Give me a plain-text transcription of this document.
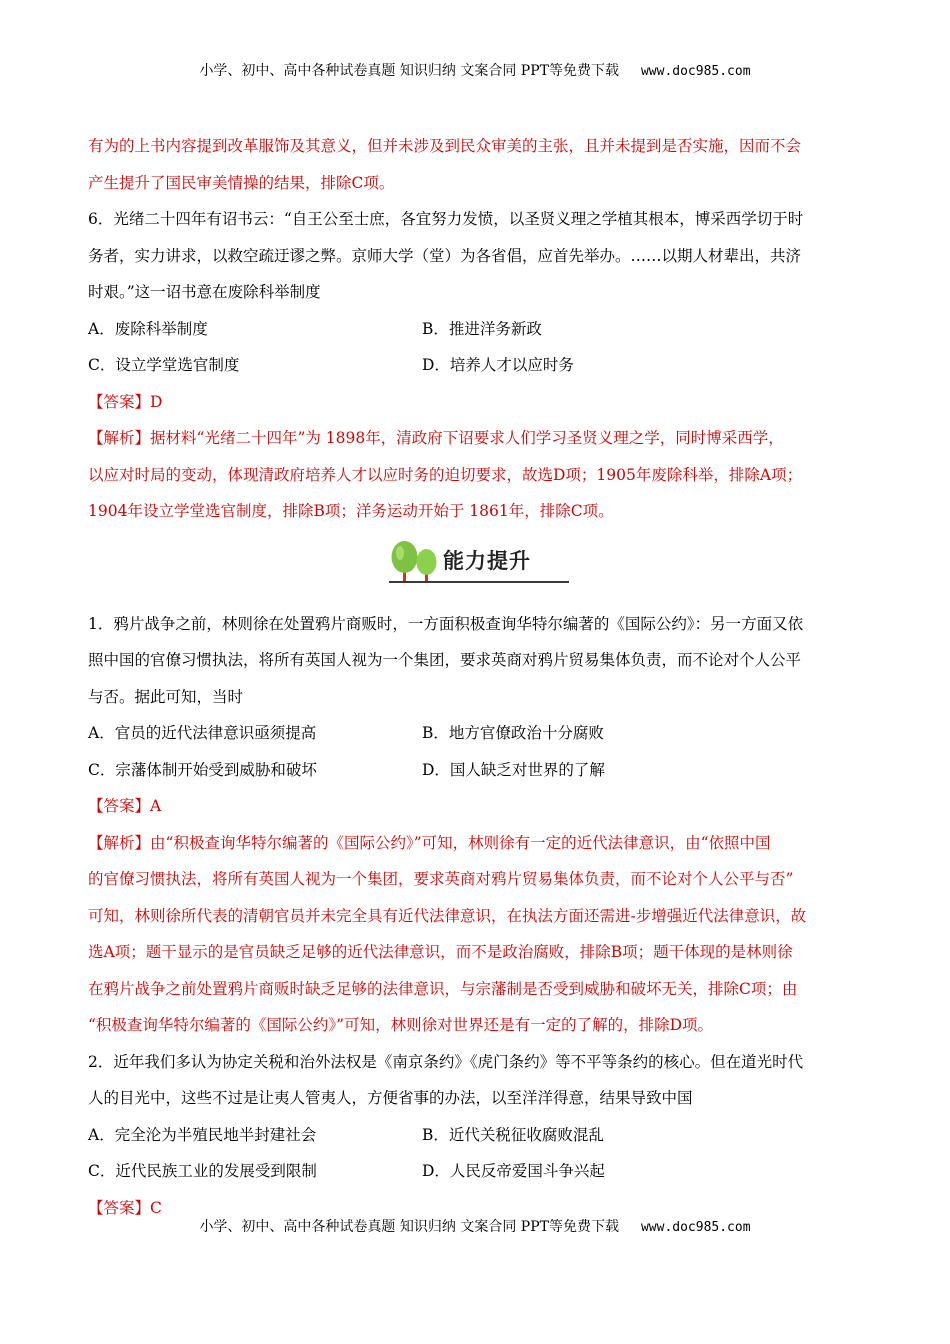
小学、初中、高中各种试卷真题 知识归纳 文案合同 PPT等免费下载 www.doc985.com

有为的上书内容提到改革服饰及其意义，但并未涉及到民众审美的主张，且并未提到是否实施，因而不会

产生提升了国民审美情操的结果，排除C项。

6．光绪二十四年有诏书云：“自王公至士庶，各宜努力发愤，以圣贤义理之学植其根本，博采西学切于时

务者，实力讲求，以救空疏迂谬之弊。京师大学（堂）为各省倡，应首先举办。……以期人材辈出，共济

时艰。”这一诏书意在废除科举制度

A．废除科举制度	B．推进洋务新政
C．设立学堂选官制度	D．培养人才以应时务

【答案】D

【解析】据材料“光绪二十四年”为 1898年，清政府下诏要求人们学习圣贤义理之学，同时博采西学，

以应对时局的变动，体现清政府培养人才以应时务的迫切要求，故选D项；1905年废除科举，排除A项；

1904年设立学堂选官制度，排除B项；洋务运动开始于 1861年，排除C项。

能力提升

1．鸦片战争之前，林则徐在处置鸦片商贩时，一方面积极查询华特尔编著的《国际公约》：另一方面又依

照中国的官僚习惯执法，将所有英国人视为一个集团，要求英商对鸦片贸易集体负责，而不论对个人公平

与否。据此可知，当时

A．官员的近代法律意识亟须提高	B．地方官僚政治十分腐败
C．宗藩体制开始受到威胁和破坏	D．国人缺乏对世界的了解

【答案】A

【解析】由“积极查询华特尔编著的《国际公约》”可知，林则徐有一定的近代法律意识，由“依照中国

的官僚习惯执法，将所有英国人视为一个集团，要求英商对鸦片贸易集体负责，而不论对个人公平与否”

可知，林则徐所代表的清朝官员并未完全具有近代法律意识，在执法方面还需进-步增强近代法律意识，故

选A项；题干显示的是官员缺乏足够的近代法律意识，而不是政治腐败，排除B项；题干体现的是林则徐

在鸦片战争之前处置鸦片商贩时缺乏足够的法律意识，与宗藩制是否受到威胁和破坏无关，排除C项；由

“积极查询华特尔编著的《国际公约》”可知，林则徐对世界还是有一定的了解的，排除D项。

2．近年我们多认为协定关税和治外法权是《南京条约》《虎门条约》等不平等条约的核心。但在道光时代

人的目光中，这些不过是让夷人管夷人，方便省事的办法，以至洋洋得意，结果导致中国

A．完全沦为半殖民地半封建社会	B．近代关税征收腐败混乱
C．近代民族工业的发展受到限制	D．人民反帝爱国斗争兴起

【答案】C

小学、初中、高中各种试卷真题 知识归纳 文案合同 PPT等免费下载 www.doc985.com
